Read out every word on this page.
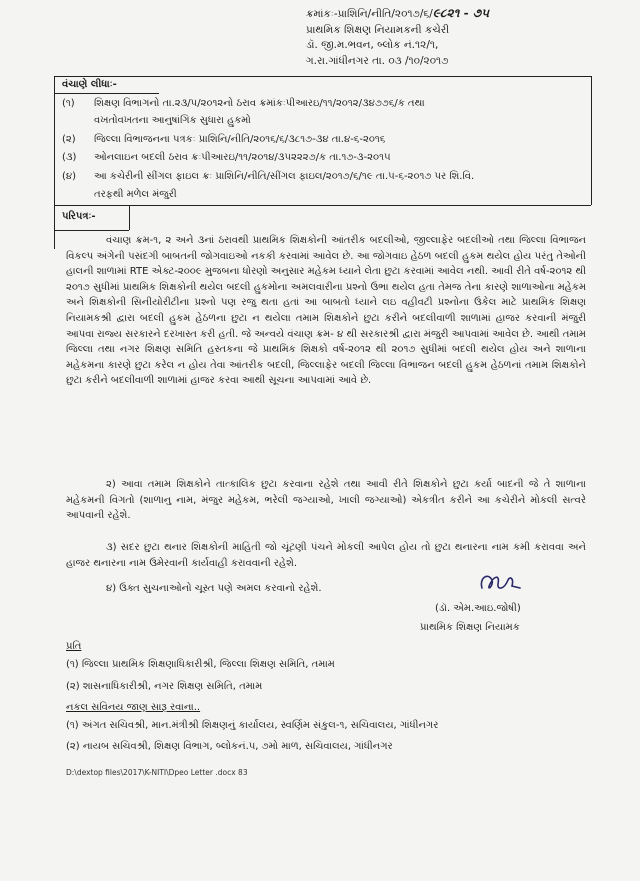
ક્રમાંકઃ-પ્રાશિનિ/નીતિ/૨૦૧૭/૬/૯૮૨૧ - ૭૫
પ્રાથમિક શિક્ષણ નિયામકની કચેરી
ડૉ. જી.મ.ભવન, બ્લોક નં.૧૨/૧,
ગ.રા.ગાંધીનગર તા. ૦૩ /૧૦/૨૦૧૭
વંચાણે લીધાઃ-
(૧) શિક્ષણ વિભાગનો તા.૨૩/૫/૨૦૧૨નો ઠરાવ ક્રમાંકઃપીઆરઇ/૧૧/૨૦૧૨/૩૪૭૭૬/ક તથા
વખતોવખતના આનુષાંગિક સુધારા હુકમો
(૨) જિલ્લા વિભાજનના પત્રકઃ પ્રાશિનિ/નીતિ/૨૦૧૬/૬/૩૮૧૭-૩૪ તા.૪-૬-૨૦૧૬
(૩) ઓનલાઇન બદલી ઠરાવ ક્રઃપીઆરઇ/૧૧/૨૦૧૪/૩૫૨૨૨૭/ક તા.૧૭-૩-૨૦૧૫
(૪) આ કચેરીની સીંગલ ફાઇલ ક્રઃ પ્રાશિનિ/નીતિ/સીંગલ ફાઇલ/૨૦૧૭/૬/૧૯ તા.૫-૬-૨૦૧૭ પર શિ.વિ.
તરફથી મળેલ મંજુરી
પરિપત્રઃ-
વંચાણ ક્રમ-૧, ૨ અને ૩નાં ઠરાવથી પ્રાથમિક શિક્ષકોની આંતરીક બદલીઓ, જીલ્લાફેર બદલીઓ તથા જિલ્લા વિભાજન વિકલ્પ અંગેની પસંદગી બાબતની જોગવાઇઓ નકકી કરવામાં આવેલ છે. આ જોગવાઇ હેઠળ બદલી હુકમ થયેલ હોય પરંતુ તેઓની હાલની શાળામાં RTE એક્ટ-૨૦૦૯ મુજબના ધોરણો અનુસાર મહેકમ ધ્યાને લેતા છુટા કરવામાં આવેલ નથી. આવી રીતે વર્ષ-૨૦૧૨ થી ૨૦૧૭ સુધીમાં પ્રાથમિક શિક્ષકોની થયેલ બદલી હુકમોના અમલવારીના પ્રશ્નો ઉભા થયેલ હતા તેમજ તેના કારણે શાળાઓના મહેકમ અને શિક્ષકોની સિનીયોરીટીના પ્રશ્નો પણ રજુ થતા હતાં આ બાબતો ધ્યાને લઇ વહીવટી પ્રશ્નોના ઉકેલ માટે પ્રાથમિક શિક્ષણ નિયામકશ્રી દ્વારા બદલી હુકમ હેઠળના છુટા ન થયેલા તમામ શિક્ષકોને છુટા કરીને બદલીવાળી શાળામાં હાજર કરવાની મંજુરી આપવા રાજ્ય સરકારને દરખાસ્ત કરી હતી. જે અન્વયે વંચાણ ક્રમ- ૪ થી સરકારશ્રી દ્વારા મંજુરી આપવામાં આવેલ છે. આથી તમામ જિલ્લા તથા નગર શિક્ષણ સમિતિ હસ્તકના જે પ્રાથમિક શિક્ષકો વર્ષ-૨૦૧૨ થી ૨૦૧૭ સુધીમાં બદલી થયેલ હોય અને શાળાના મહેકમના કારણે છુટા કરેલ ન હોય તેવા આંતરીક બદલી, જિલ્લાફેર બદલી જિલ્લા વિભાજન બદલી હુકમ હેઠળનાં તમામ શિક્ષકોને છુટા કરીને બદલીવાળી શાળામાં હાજર કરવા આથી સૂચના આપવામાં આવે છે.
૨) આવા તમામ શિક્ષકોને તાત્કાલિક છુટા કરવાના રહેશે તથા આવી રીતે શિક્ષકોને છુટા કર્યા બાદની જે તે શાળાના મહેકમની વિગતો (શાળાનુ નામ, મંજુર મહેકમ, ભરેલી જગ્યાઓ, ખાલી જગ્યાઓ) એકત્રીત કરીને આ કચેરીને મોકલી સત્વરે આપવાની રહેશે.
૩) સદર છુટા થનાર શિક્ષકોની માહિતી જો ચૂંટણી પંચને મોકલી આપેલ હોય તો છુટા થનારના નામ કમી કરાવવા અને હાજર થનારના નામ ઉમેરવાની કાર્યવાહી કરાવવાની રહેશે.
૪) ઉક્ત સુચનાઓનો ચૂસ્ત પણે અમલ કરવાનો રહેશે.
(ડૉ. એમ.આઇ.જોષી)
પ્રાથમિક શિક્ષણ નિયામક
પ્રતિ
(૧) જિલ્લા પ્રાથમિક શિક્ષણાધિકારીશ્રી, જિલ્લા શિક્ષણ સમિતિ, તમામ
(૨) શાસનાધિકારીશ્રી, નગર શિક્ષણ સમિતિ, તમામ
નકલ સવિનય જાણ સારૂ રવાના..
(૧) અંગત સચિવશ્રી, માન.મંત્રીશ્રી શિક્ષણનું કાર્યાલય, સ્વર્ણિમ સંકુલ-૧, સચિવાલય, ગાંધીનગર
(૨) નાયબ સચિવશ્રી, શિક્ષણ વિભાગ, બ્લોકનં.૫, ૭મો માળ, સચિવાલય, ગાંધીનગર
D:\dextop files\2017\K-NITI\Dpeo Letter .docx 83
